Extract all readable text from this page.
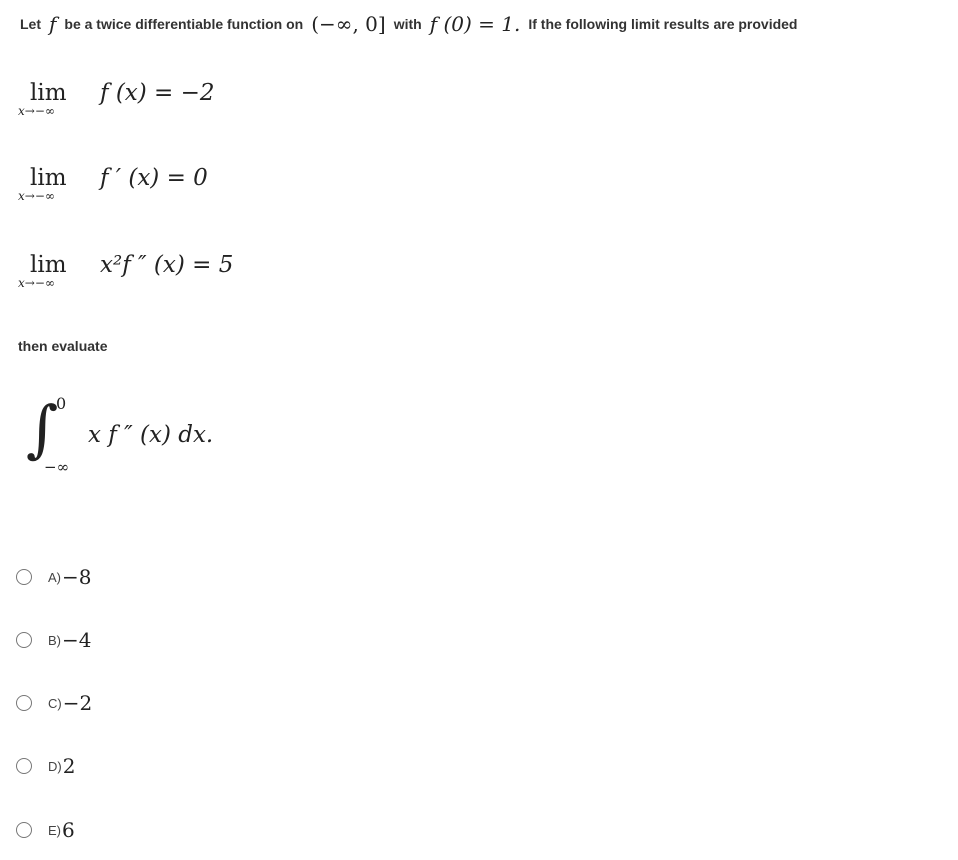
Let f be a twice differentiable function on (−∞, 0] with f (0) = 1. If the following limit results are provided
lim
x→−∞
f (x) = −2
lim
x→−∞
f ′ (x) = 0
lim
x→−∞
x²f ″ (x) = 5
then evaluate
∫
0
−∞
x f ″ (x) dx.
A) −8
B) −4
C) −2
D) 2
E) 6
